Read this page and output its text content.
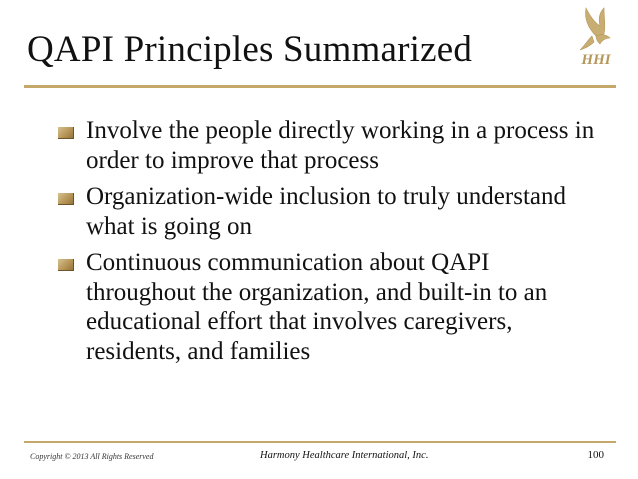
QAPI Principles Summarized	HHI
Involve the people directly working in a process in order to improve that process
Organization-wide inclusion to truly understand what is going on
Continuous communication about QAPI throughout the organization, and built-in to an educational effort that involves caregivers, residents, and families
Copyright © 2013 All Rights Reserved	Harmony Healthcare International, Inc.	100
